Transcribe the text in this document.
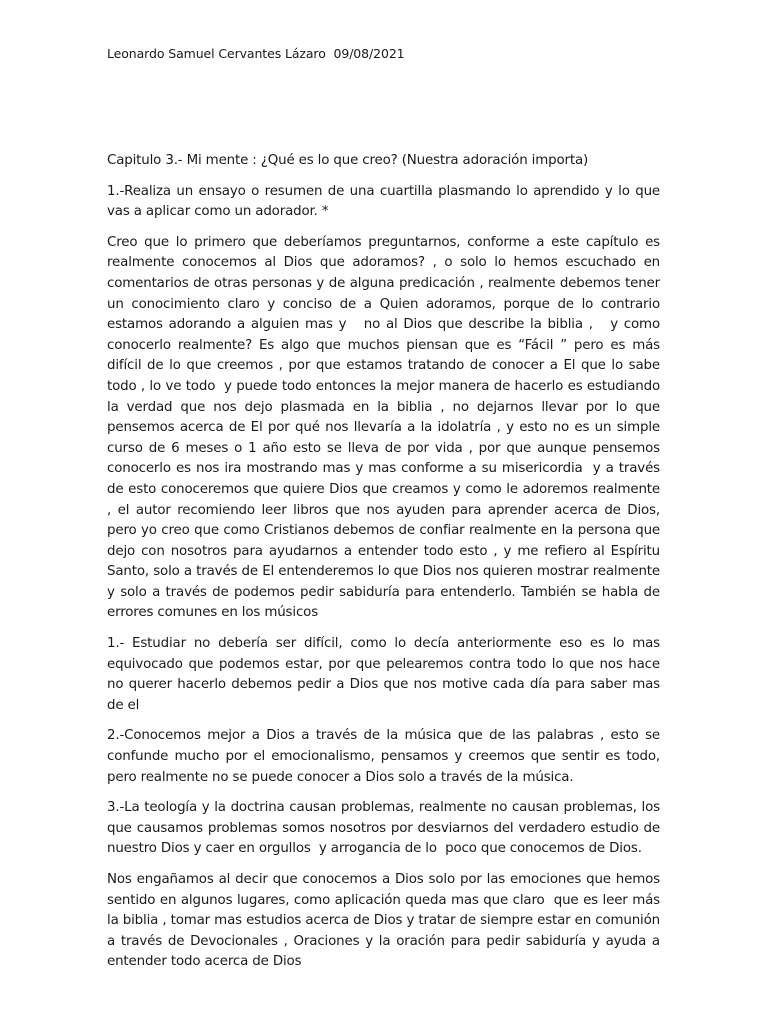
Leonardo Samuel Cervantes Lázaro  09/08/2021

Capitulo 3.- Mi mente : ¿Qué es lo que creo? (Nuestra adoración importa)

1.-Realiza un ensayo o resumen de una cuartilla plasmando lo aprendido y lo que vas a aplicar como un adorador. *

Creo que lo primero que deberíamos preguntarnos, conforme a este capítulo es realmente conocemos al Dios que adoramos? , o solo lo hemos escuchado en comentarios de otras personas y de alguna predicación , realmente debemos tener un conocimiento claro y conciso de a Quien adoramos, porque de lo contrario estamos adorando a alguien mas y   no al Dios que describe la biblia ,   y como conocerlo realmente? Es algo que muchos piensan que es “Fácil ” pero es más difícil de lo que creemos , por que estamos tratando de conocer a El que lo sabe todo , lo ve todo  y puede todo entonces la mejor manera de hacerlo es estudiando la verdad que nos dejo plasmada en la biblia , no dejarnos llevar por lo que pensemos acerca de El por qué nos llevaría a la idolatría , y esto no es un simple curso de 6 meses o 1 año esto se lleva de por vida , por que aunque pensemos conocerlo es nos ira mostrando mas y mas conforme a su misericordia  y a través de esto conoceremos que quiere Dios que creamos y como le adoremos realmente , el autor recomiendo leer libros que nos ayuden para aprender acerca de Dios, pero yo creo que como Cristianos debemos de confiar realmente en la persona que dejo con nosotros para ayudarnos a entender todo esto , y me refiero al Espíritu Santo, solo a través de El entenderemos lo que Dios nos quieren mostrar realmente y solo a través de podemos pedir sabiduría para entenderlo. También se habla de errores comunes en los músicos

1.- Estudiar no debería ser difícil, como lo decía anteriormente eso es lo mas equivocado que podemos estar, por que pelearemos contra todo lo que nos hace no querer hacerlo debemos pedir a Dios que nos motive cada día para saber mas de el

2.-Conocemos mejor a Dios a través de la música que de las palabras , esto se confunde mucho por el emocionalismo, pensamos y creemos que sentir es todo, pero realmente no se puede conocer a Dios solo a través de la música.

3.-La teología y la doctrina causan problemas, realmente no causan problemas, los que causamos problemas somos nosotros por desviarnos del verdadero estudio de nuestro Dios y caer en orgullos  y arrogancia de lo  poco que conocemos de Dios.

Nos engañamos al decir que conocemos a Dios solo por las emociones que hemos sentido en algunos lugares, como aplicación queda mas que claro  que es leer más la biblia , tomar mas estudios acerca de Dios y tratar de siempre estar en comunión a través de Devocionales , Oraciones y la oración para pedir sabiduría y ayuda a entender todo acerca de Dios
